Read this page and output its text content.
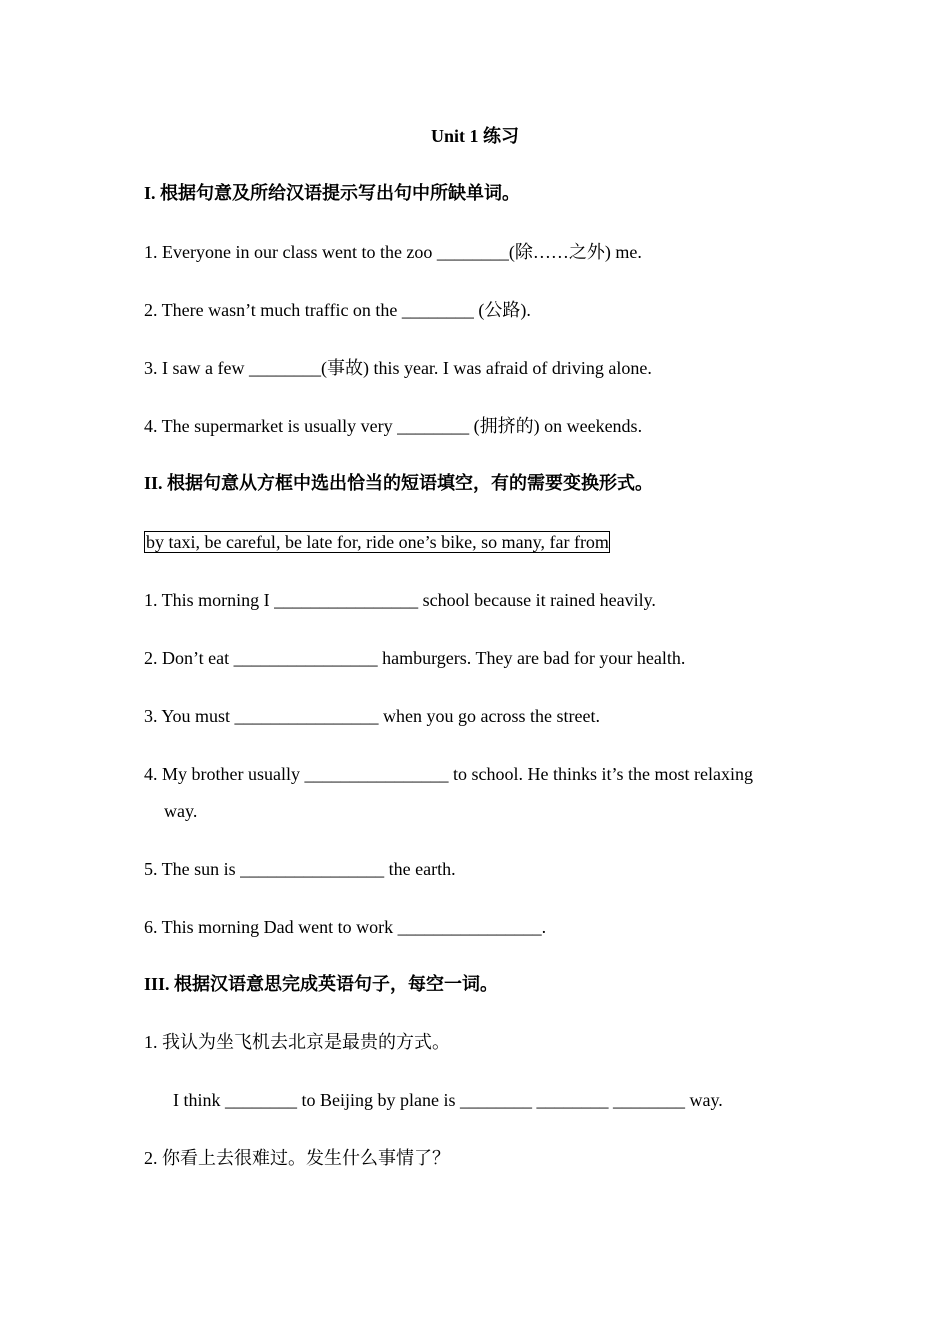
Unit 1 练习
I. 根据句意及所给汉语提示写出句中所缺单词。
1. Everyone in our class went to the zoo ________(除……之外) me.
2. There wasn’t much traffic on the ________ (公路).
3. I saw a few ________(事故) this year. I was afraid of driving alone.
4. The supermarket is usually very ________ (拥挤的) on weekends.
II. 根据句意从方框中选出恰当的短语填空，有的需要变换形式。
by taxi, be careful, be late for, ride one’s bike, so many, far from
1. This morning I ________________ school because it rained heavily.
2. Don’t eat ________________ hamburgers. They are bad for your health.
3. You must ________________ when you go across the street.
4. My brother usually ________________ to school. He thinks it’s the most relaxing
way.
5. The sun is ________________ the earth.
6. This morning Dad went to work ________________.
III. 根据汉语意思完成英语句子，每空一词。
1. 我认为坐飞机去北京是最贵的方式。
I think ________ to Beijing by plane is ________ ________ ________ way.
2. 你看上去很难过。发生什么事情了？
